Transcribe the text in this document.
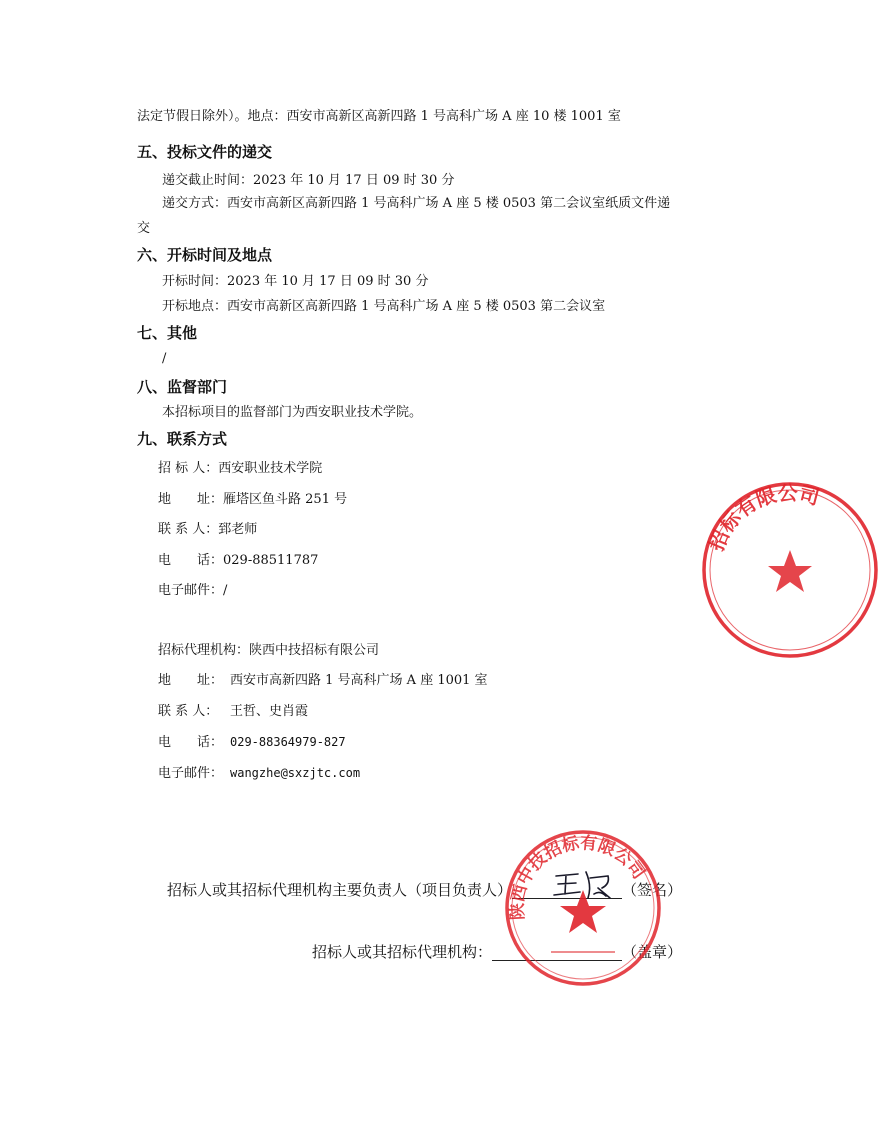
法定节假日除外）。地点：西安市高新区高新四路 1 号高科广场 A 座 10 楼 1001 室
五、投标文件的递交
递交截止时间：2023 年 10 月 17 日 09 时 30 分
递交方式：西安市高新区高新四路 1 号高科广场 A 座 5 楼 0503 第二会议室纸质文件递
交
六、开标时间及地点
开标时间：2023 年 10 月 17 日 09 时 30 分
开标地点：西安市高新区高新四路 1 号高科广场 A 座 5 楼 0503 第二会议室
七、其他
/
八、监督部门
本招标项目的监督部门为西安职业技术学院。
九、联系方式
招 标 人：西安职业技术学院
地　　址：雁塔区鱼斗路 251 号
联 系 人：郅老师
电　　话：029-88511787
电子邮件：/
招标代理机构：陕西中技招标有限公司
地　　址： 西安市高新四路 1 号高科广场 A 座 1001 室
联 系 人： 王哲、史肖霞
电　　话： 029-88364979-827
电子邮件： wangzhe@sxzjtc.com
招标人或其招标代理机构主要负责人（项目负责人）	（签名）
招标人或其招标代理机构：	（盖章）
招标有限公司
陕西中技招标有限公司
